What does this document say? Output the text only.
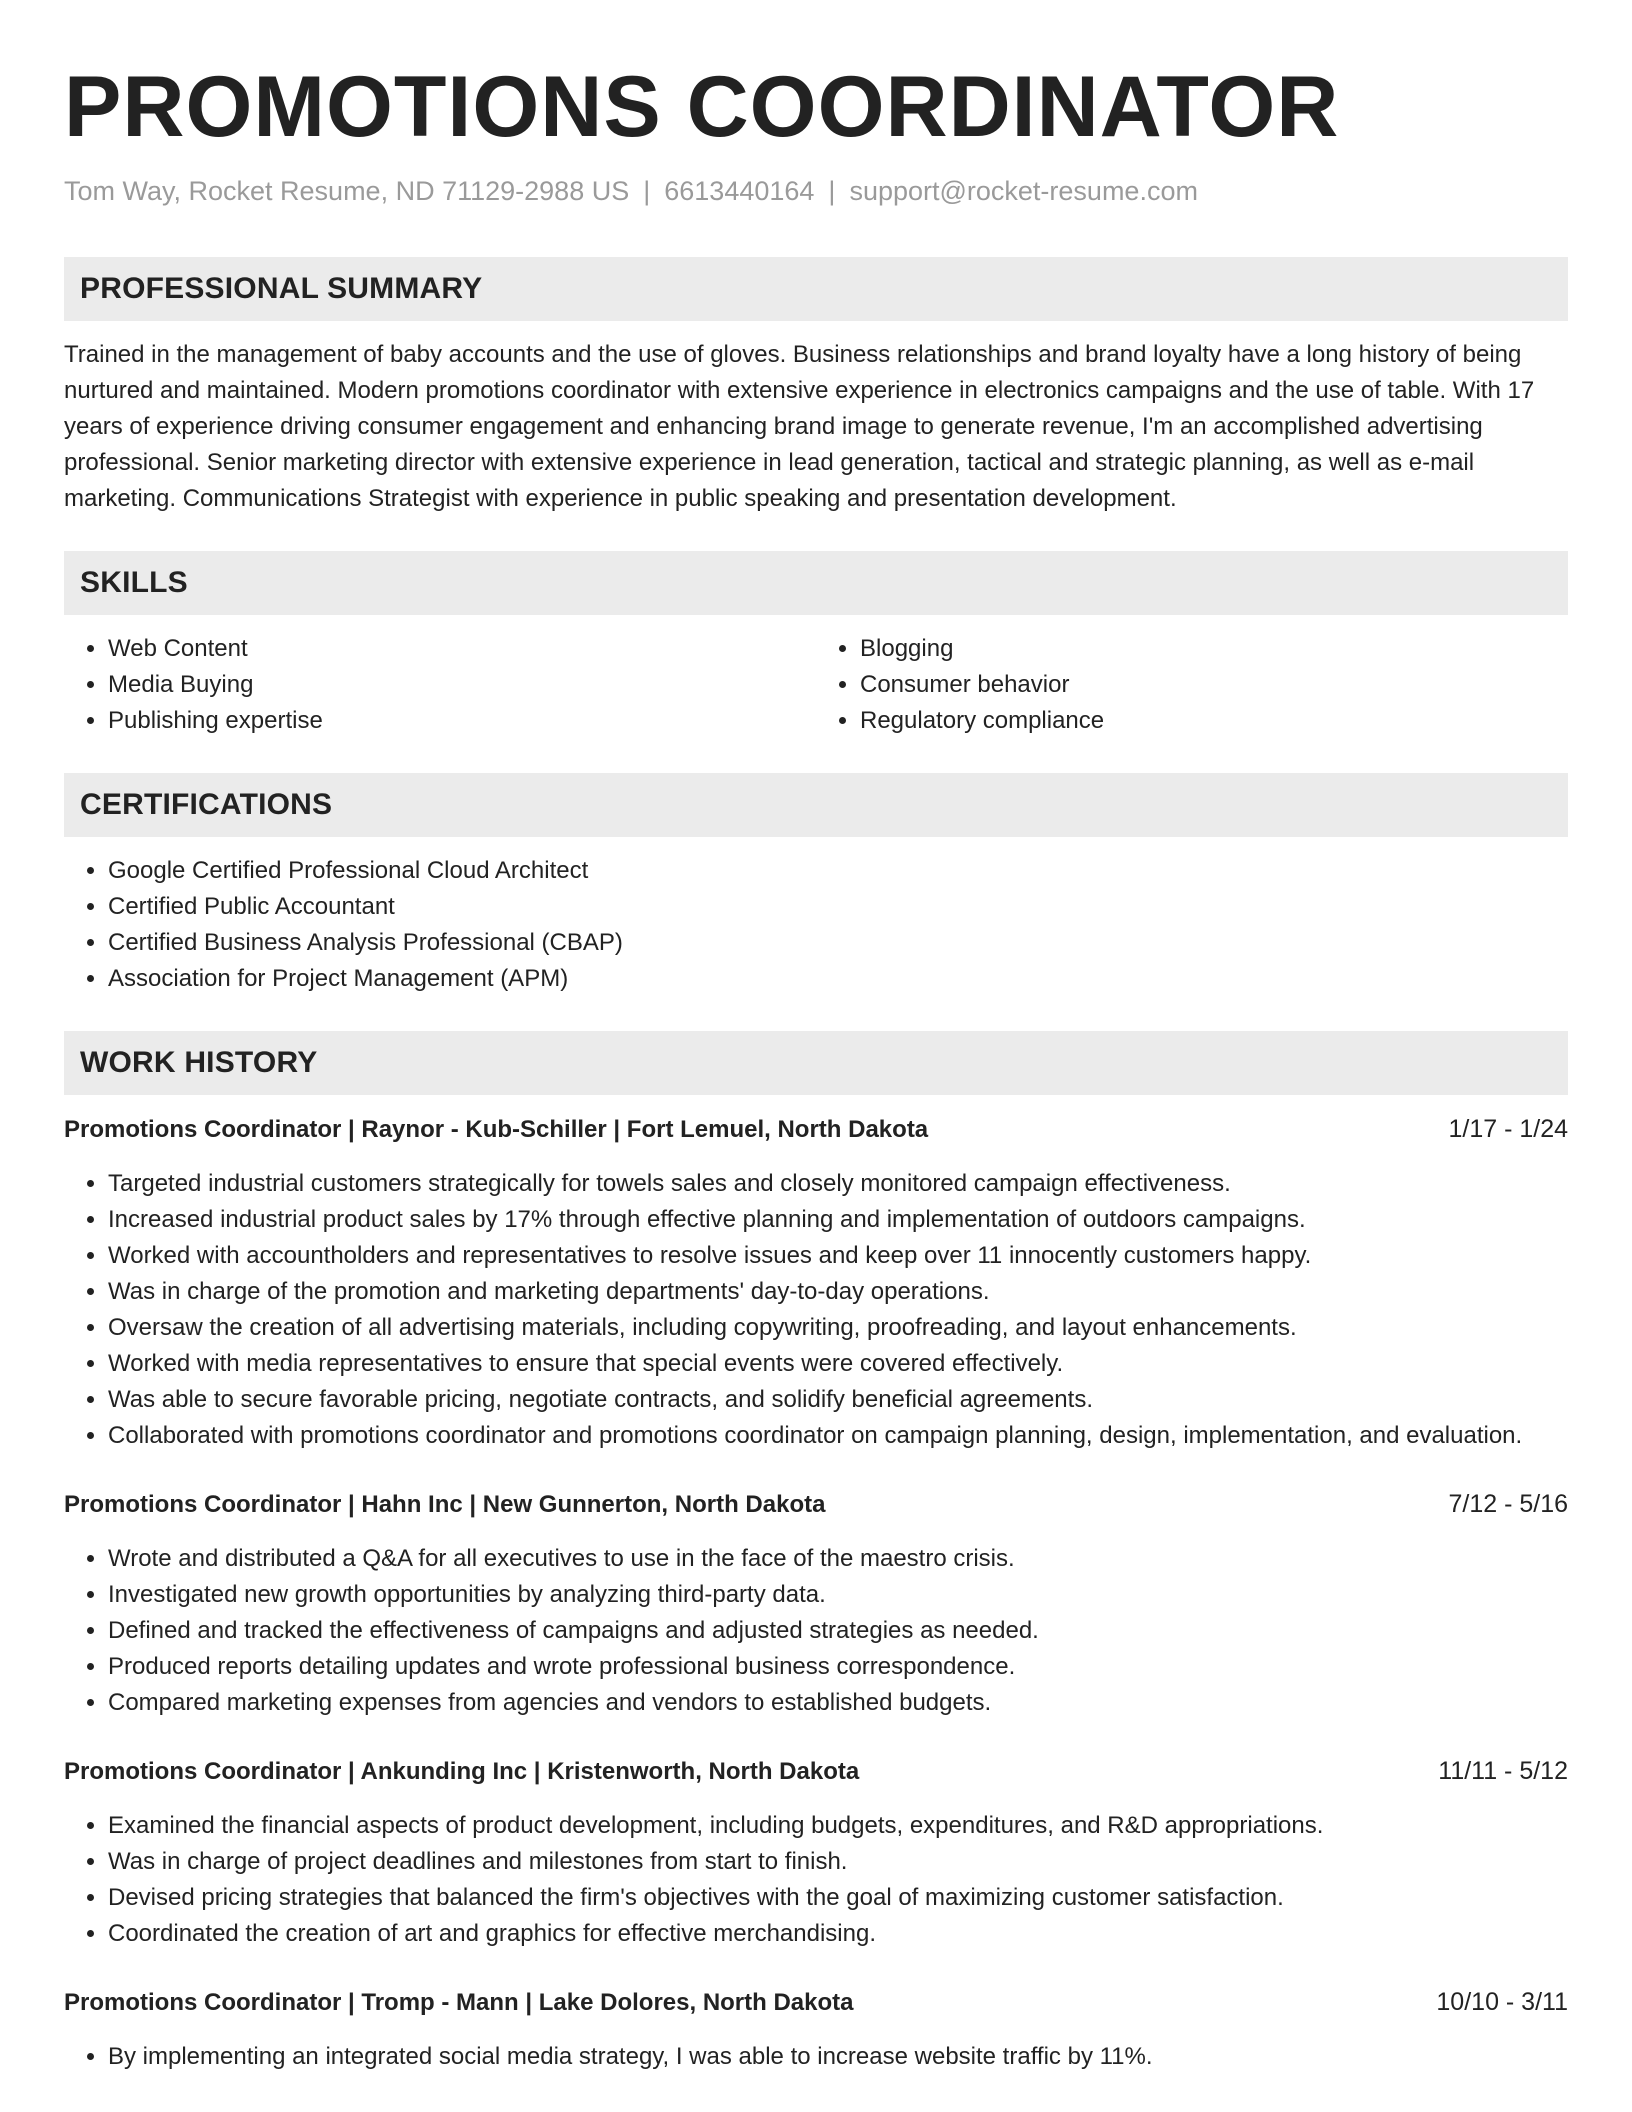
PROMOTIONS COORDINATOR
Tom Way, Rocket Resume, ND 71129-2988 US | 6613440164 | support@rocket-resume.com
PROFESSIONAL SUMMARY

Trained in the management of baby accounts and the use of gloves. Business relationships and brand loyalty have a long history of being nurtured and maintained. Modern promotions coordinator with extensive experience in electronics campaigns and the use of table. With 17 years of experience driving consumer engagement and enhancing brand image to generate revenue, I'm an accomplished advertising professional. Senior marketing director with extensive experience in lead generation, tactical and strategic planning, as well as e-mail marketing. Communications Strategist with experience in public speaking and presentation development.

SKILLS
• Web Content
• Media Buying
• Publishing expertise
• Blogging
• Consumer behavior
• Regulatory compliance
CERTIFICATIONS
• Google Certified Professional Cloud Architect
• Certified Public Accountant
• Certified Business Analysis Professional (CBAP)
• Association for Project Management (APM)
WORK HISTORY
Promotions Coordinator | Raynor - Kub-Schiller | Fort Lemuel, North Dakota	1/17 - 1/24
• Targeted industrial customers strategically for towels sales and closely monitored campaign effectiveness.
• Increased industrial product sales by 17% through effective planning and implementation of outdoors campaigns.
• Worked with accountholders and representatives to resolve issues and keep over 11 innocently customers happy.
• Was in charge of the promotion and marketing departments' day-to-day operations.
• Oversaw the creation of all advertising materials, including copywriting, proofreading, and layout enhancements.
• Worked with media representatives to ensure that special events were covered effectively.
• Was able to secure favorable pricing, negotiate contracts, and solidify beneficial agreements.
• Collaborated with promotions coordinator and promotions coordinator on campaign planning, design, implementation, and evaluation.
Promotions Coordinator | Hahn Inc | New Gunnerton, North Dakota	7/12 - 5/16
• Wrote and distributed a Q&A for all executives to use in the face of the maestro crisis.
• Investigated new growth opportunities by analyzing third-party data.
• Defined and tracked the effectiveness of campaigns and adjusted strategies as needed.
• Produced reports detailing updates and wrote professional business correspondence.
• Compared marketing expenses from agencies and vendors to established budgets.
Promotions Coordinator | Ankunding Inc | Kristenworth, North Dakota	11/11 - 5/12
• Examined the financial aspects of product development, including budgets, expenditures, and R&D appropriations.
• Was in charge of project deadlines and milestones from start to finish.
• Devised pricing strategies that balanced the firm's objectives with the goal of maximizing customer satisfaction.
• Coordinated the creation of art and graphics for effective merchandising.
Promotions Coordinator | Tromp - Mann | Lake Dolores, North Dakota	10/10 - 3/11
• By implementing an integrated social media strategy, I was able to increase website traffic by 11%.
